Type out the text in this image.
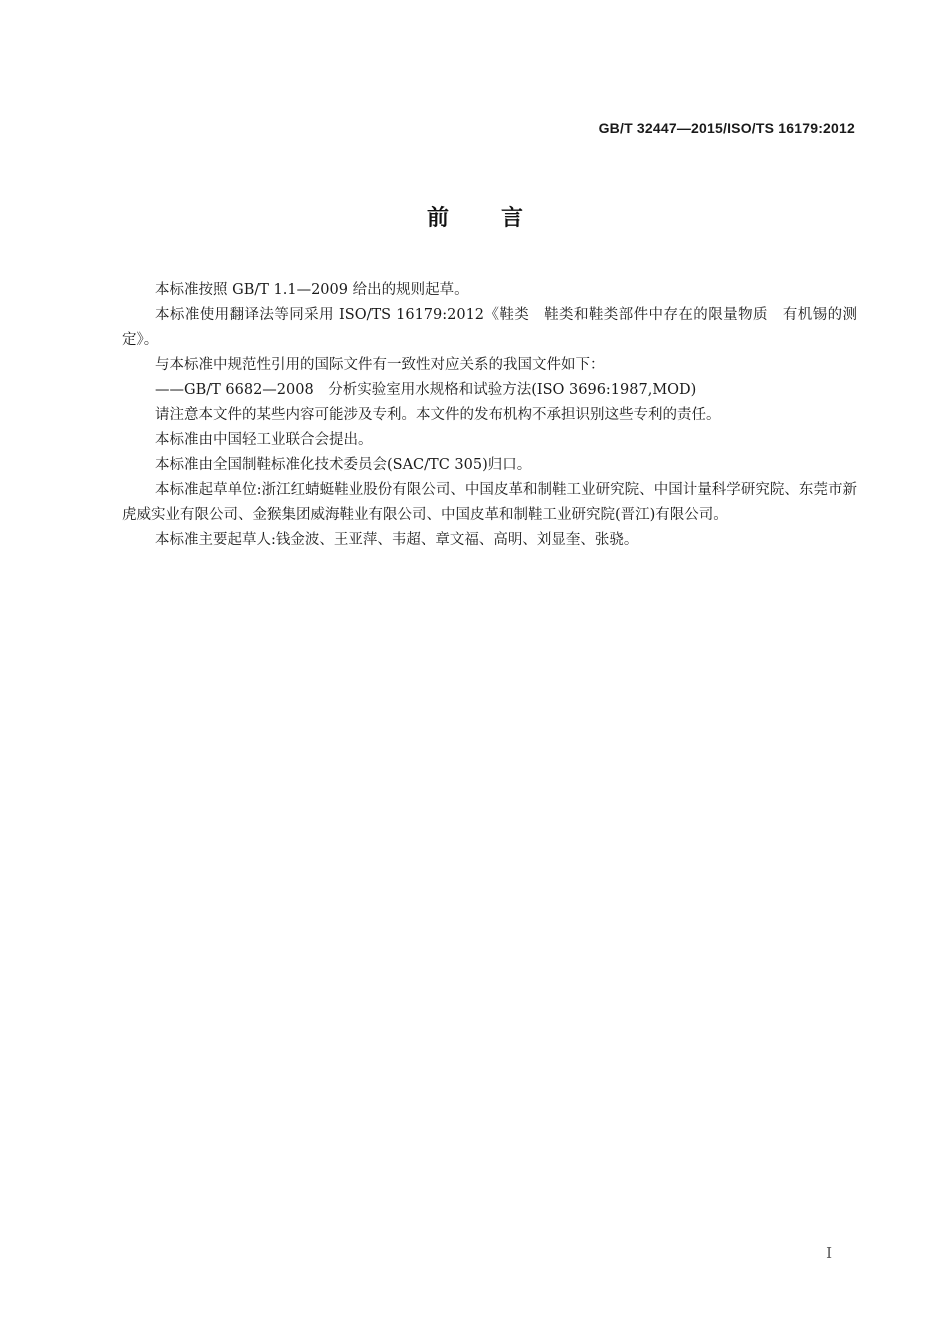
GB/T 32447—2015/ISO/TS 16179:2012
前言

本标准按照 GB/T 1.1—2009 给出的规则起草。

本标准使用翻译法等同采用 ISO/TS 16179:2012《鞋类　鞋类和鞋类部件中存在的限量物质　有机锡的测定》。

与本标准中规范性引用的国际文件有一致性对应关系的我国文件如下：

——GB/T 6682—2008　分析实验室用水规格和试验方法(ISO 3696:1987,MOD)

请注意本文件的某些内容可能涉及专利。本文件的发布机构不承担识别这些专利的责任。

本标准由中国轻工业联合会提出。

本标准由全国制鞋标准化技术委员会(SAC/TC 305)归口。

本标准起草单位:浙江红蜻蜓鞋业股份有限公司、中国皮革和制鞋工业研究院、中国计量科学研究院、东莞市新虎威实业有限公司、金猴集团威海鞋业有限公司、中国皮革和制鞋工业研究院(晋江)有限公司。

本标准主要起草人:钱金波、王亚萍、韦超、章文福、高明、刘显奎、张骁。

I
